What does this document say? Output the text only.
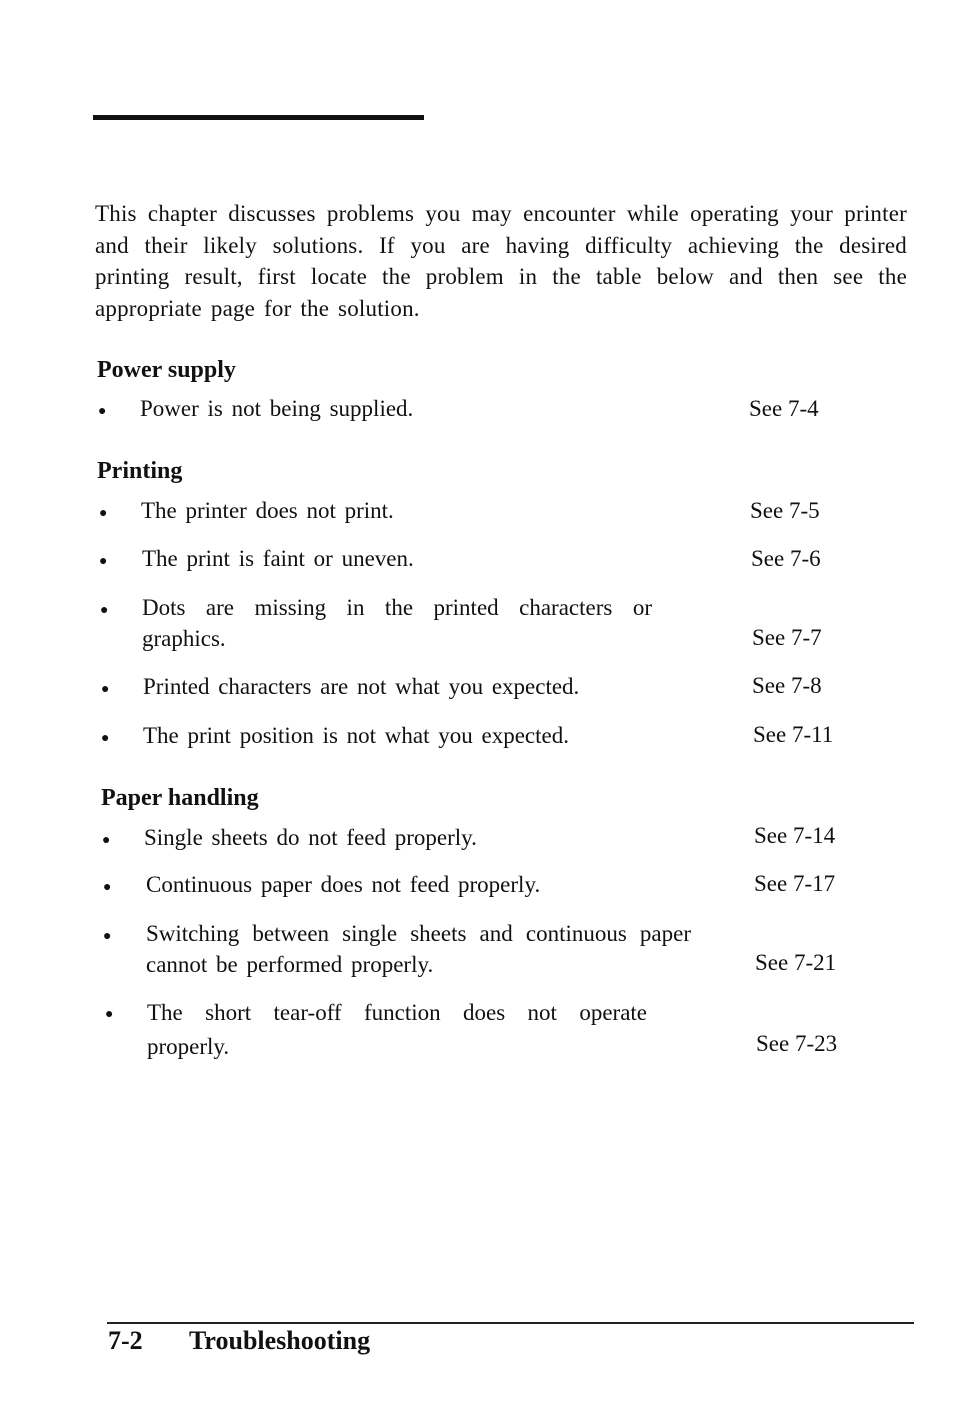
This chapter discusses problems you may encounter while operating your printer and their likely solutions. If you are having difficulty achieving the desired printing result, first locate the problem in the table below and then see the appropriate page for the solution.

Power supply
● Power is not being supplied.	See 7-4
Printing
● The printer does not print.	See 7-5
● The print is faint or uneven.	See 7-6
● Dots are missing in the printed characters or graphics.	See 7-7
● Printed characters are not what you expected.	See 7-8
● The print position is not what you expected.	See 7-11
Paper handling
● Single sheets do not feed properly.	See 7-14
● Continuous paper does not feed properly.	See 7-17
● Switching between single sheets and continuous paper cannot be performed properly.	See 7-21
● The short tear-off function does not operate properly.	See 7-23
7-2 Troubleshooting
